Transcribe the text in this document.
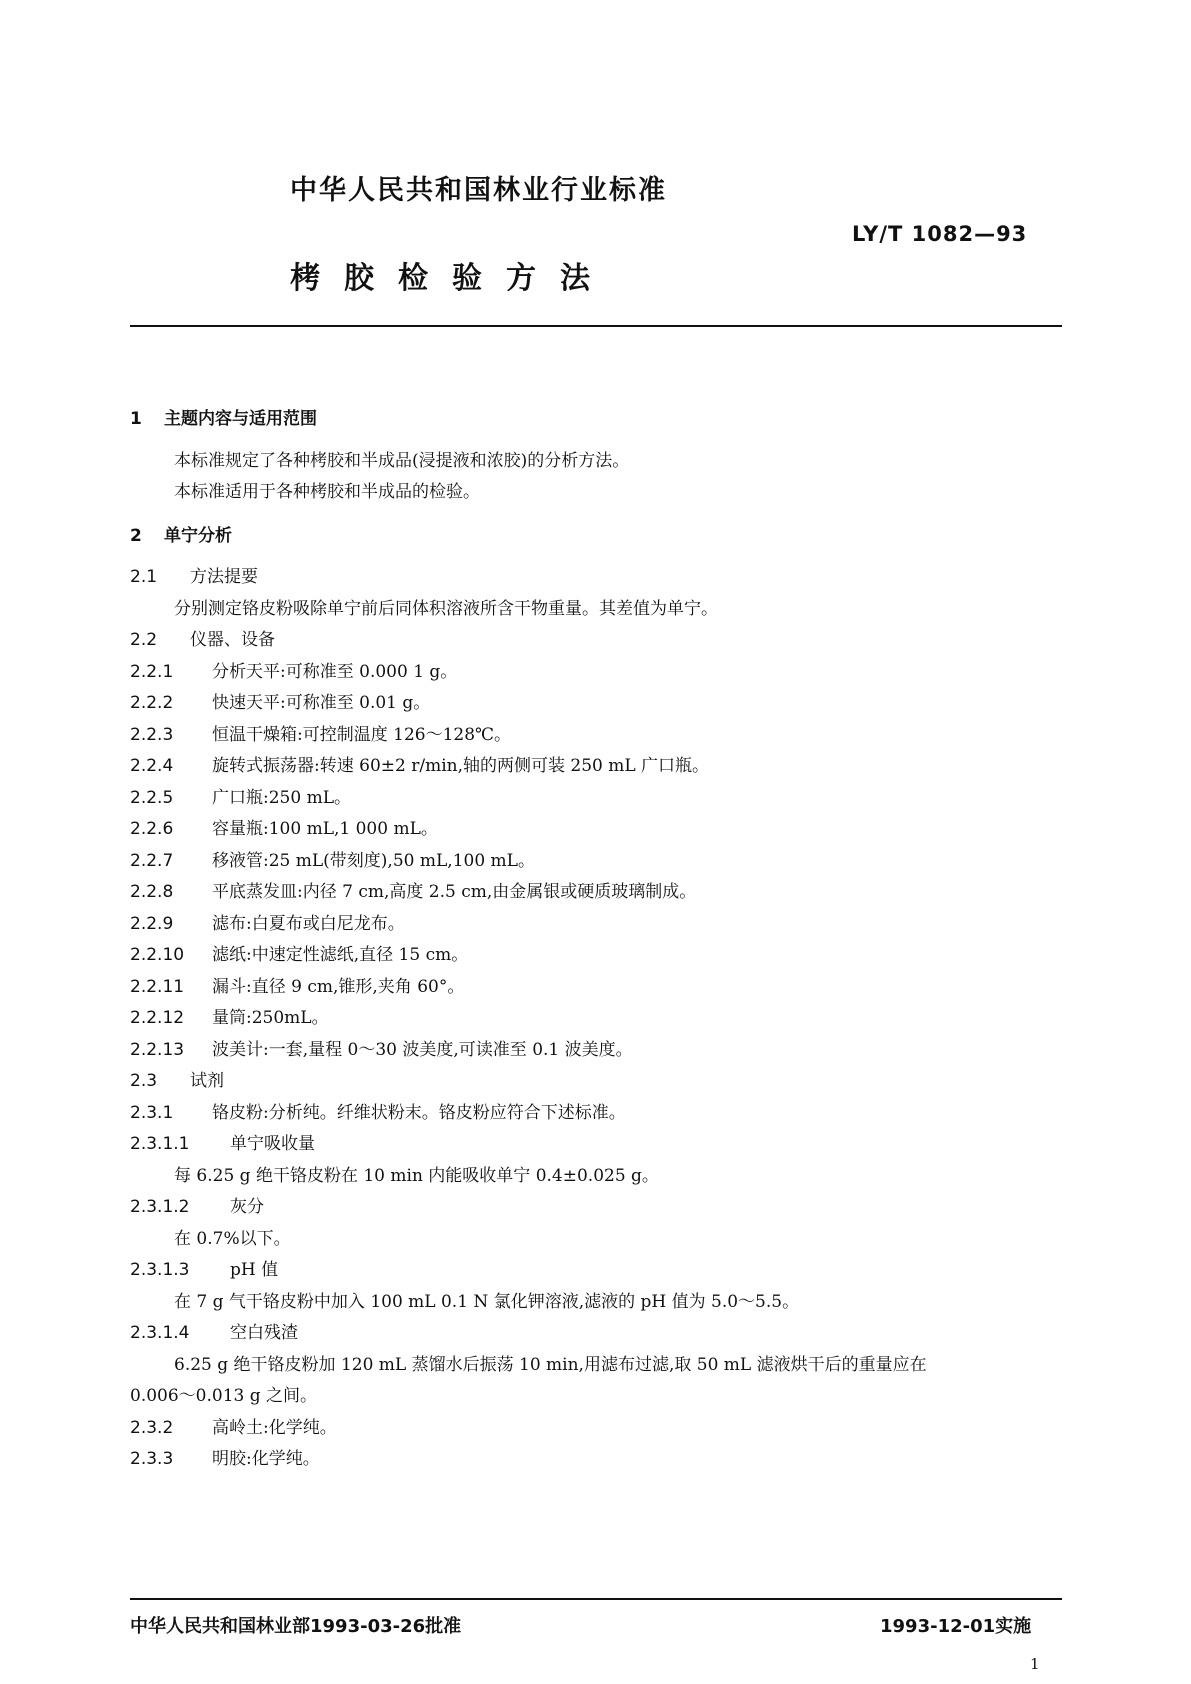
中华人民共和国林业行业标准
LY/T 1082—93
栲胶检验方法
1 主题内容与适用范围
本标准规定了各种栲胶和半成品(浸提液和浓胶)的分析方法。
本标准适用于各种栲胶和半成品的检验。
2 单宁分析
2.1 方法提要
分别测定铬皮粉吸除单宁前后同体积溶液所含干物重量。其差值为单宁。
2.2 仪器、设备
2.2.1 分析天平:可称准至 0.000 1 g。
2.2.2 快速天平:可称准至 0.01 g。
2.2.3 恒温干燥箱:可控制温度 126～128℃。
2.2.4 旋转式振荡器:转速 60±2 r/min,轴的两侧可装 250 mL 广口瓶。
2.2.5 广口瓶:250 mL。
2.2.6 容量瓶:100 mL,1 000 mL。
2.2.7 移液管:25 mL(带刻度),50 mL,100 mL。
2.2.8 平底蒸发皿:内径 7 cm,高度 2.5 cm,由金属银或硬质玻璃制成。
2.2.9 滤布:白夏布或白尼龙布。
2.2.10 滤纸:中速定性滤纸,直径 15 cm。
2.2.11 漏斗:直径 9 cm,锥形,夹角 60°。
2.2.12 量筒:250mL。
2.2.13 波美计:一套,量程 0～30 波美度,可读准至 0.1 波美度。
2.3 试剂
2.3.1 铬皮粉:分析纯。纤维状粉末。铬皮粉应符合下述标准。
2.3.1.1 单宁吸收量
每 6.25 g 绝干铬皮粉在 10 min 内能吸收单宁 0.4±0.025 g。
2.3.1.2 灰分
在 0.7%以下。
2.3.1.3 pH 值
在 7 g 气干铬皮粉中加入 100 mL 0.1 N 氯化钾溶液,滤液的 pH 值为 5.0～5.5。
2.3.1.4 空白残渣
6.25 g 绝干铬皮粉加 120 mL 蒸馏水后振荡 10 min,用滤布过滤,取 50 mL 滤液烘干后的重量应在
0.006～0.013 g 之间。
2.3.2 高岭土:化学纯。
2.3.3 明胶:化学纯。
中华人民共和国林业部1993-03-26批准	1993-12-01实施
1
